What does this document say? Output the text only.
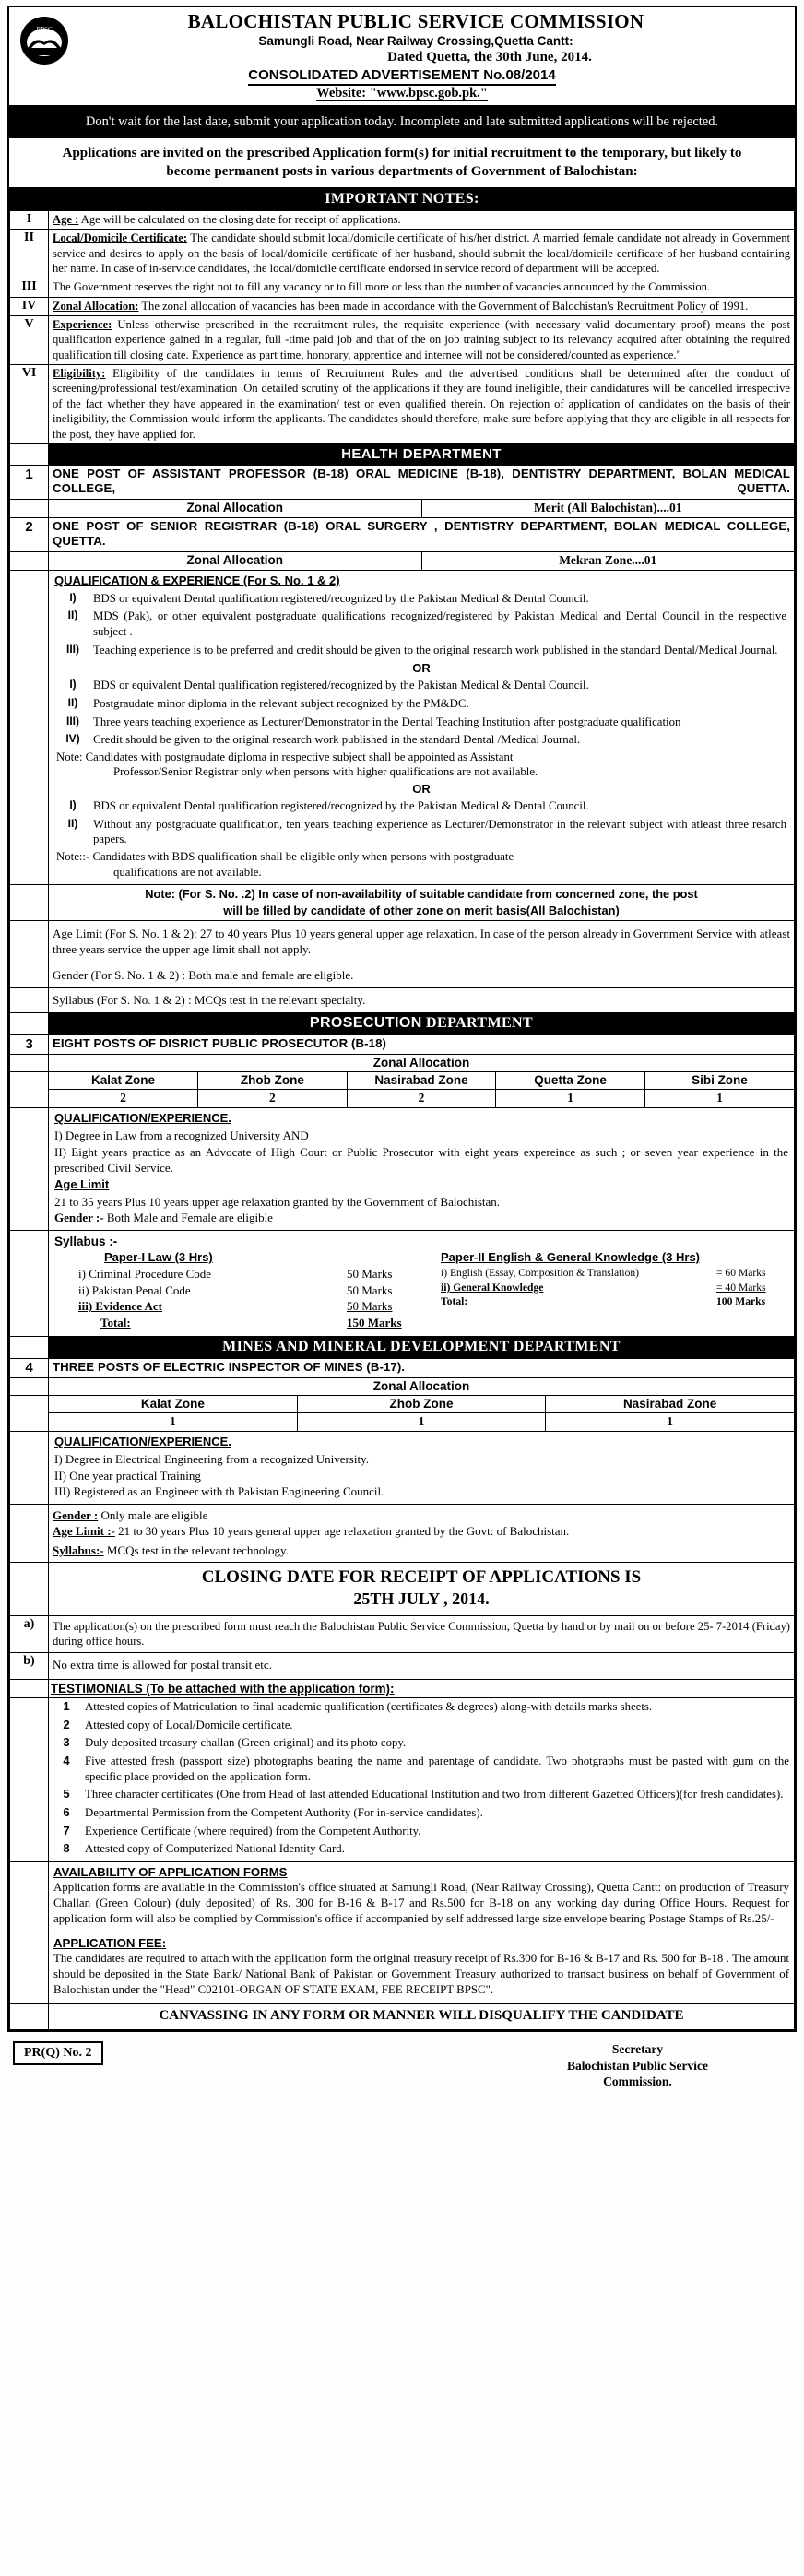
BPSC	BALOCHISTAN PUBLIC SERVICE COMMISSION
Samungli Road, Near Railway Crossing,Quetta Cantt:
Dated Quetta, the 30th June, 2014.
CONSOLIDATED ADVERTISEMENT No.08/2014
Website: "www.bpsc.gob.pk."
Don't wait for the last date, submit your application today. Incomplete and late submitted applications will be rejected.
Applications are invited on the prescribed Application form(s) for initial recruitment to the temporary, but likely to become permanent posts in various departments of Government of Balochistan:
IMPORTANT NOTES:
I	Age : Age will be calculated on the closing date for receipt of applications.
II	Local/Domicile Certificate: The candidate should submit local/domicile certificate of his/her district. A married female candidate not already in Government service and desires to apply on the basis of local/domicile certificate of her husband, should submit the local/domicile certificate of her husband containing her name. In case of in-service candidates, the local/domicile certificate endorsed in service record of department will be accepted.
III	The Government reserves the right not to fill any vacancy or to fill more or less than the number of vacancies announced by the Commission.
IV	Zonal Allocation: The zonal allocation of vacancies has been made in accordance with the Government of Balochistan's Recruitment Policy of 1991.
V	Experience: Unless otherwise prescribed in the recruitment rules, the requisite experience (with necessary valid documentary proof) means the post qualification experience gained in a regular, full -time paid job and that of the on job training subject to its relevancy acquired after obtaining the required qualification till closing date. Experience as part time, honorary, apprentice and internee will not be considered/counted as experience."
VI	Eligibility: Eligibility of the candidates in terms of Recruitment Rules and the advertised conditions shall be determined after the conduct of screening/professional test/examination .On detailed scrutiny of the applications if they are found ineligible, their candidatures will be cancelled irrespective of the fact whether they have appeared in the examination/ test or even qualified therein. On rejection of application of candidates on the basis of their ineligibility, the Commission would inform the applicants. The candidates should therefore, make sure before applying that they are eligible in all respects for the post, they have applied for.

HEALTH DEPARTMENT

1	ONE POST OF ASSISTANT PROFESSOR (B-18) ORAL MEDICINE (B-18), DENTISTRY DEPARTMENT, BOLAN MEDICAL COLLEGE, QUETTA.

Zonal Allocation	Merit (All Balochistan)....01

2	ONE POST OF SENIOR REGISTRAR (B-18) ORAL SURGERY , DENTISTRY DEPARTMENT, BOLAN MEDICAL COLLEGE, QUETTA.

Zonal Allocation	Mekran Zone....01

QUALIFICATION & EXPERIENCE (For S. No. 1 & 2)
I)	BDS or equivalent Dental qualification registered/recognized by the Pakistan Medical & Dental Council.
II)	MDS (Pak), or other equivalent postgraduate qualifications recognized/registered by Pakistan Medical and Dental Council in the respective subject .
III)	Teaching experience is to be preferred and credit should be given to the original research work published in the standard Dental/Medical Journal.
OR
I)	BDS or equivalent Dental qualification registered/recognized by the Pakistan Medical & Dental Council.
II)	Postgraudate minor diploma in the relevant subject recognized by the PM&DC.
III)	Three years teaching experience as Lecturer/Demonstrator in the Dental Teaching Institution after postgraduate qualification
IV)	Credit should be given to the original research work published in the standard Dental /Medical Journal.
Note: Candidates with postgraudate diploma in respective subject shall be appointed as Assistant
Professor/Senior Registrar only when persons with higher qualifications are not available.
OR
I)	BDS or equivalent Dental qualification registered/recognized by the Pakistan Medical & Dental Council.
II)	Without any postgraduate qualification, ten years teaching experience as Lecturer/Demonstrator in the relevant subject with atleast three resarch papers.
Note::- Candidates with BDS qualification shall be eligible only when persons with postgraduate
qualifications are not available.

Note: (For S. No. .2) In case of non-availability of suitable candidate from concerned zone, the post
will be filled by candidate of other zone on merit basis(All Balochistan)

	Age Limit (For S. No. 1 & 2): 27 to 40 years Plus 10 years general upper age relaxation. In case of the person already in Government Service with atleast three years service the upper age limit shall not apply.
	Gender (For S. No. 1 & 2) : Both male and female are eligible.
	Syllabus (For S. No. 1 & 2) : MCQs test in the relevant specialty.

PROSECUTION DEPARTMENT

3	EIGHT POSTS OF DISRICT PUBLIC PROSECUTOR (B-18)
	Zonal Allocation

Kalat Zone	Zhob Zone	Nasirabad Zone	Quetta Zone	Sibi Zone
2	2	2	1	1

QUALIFICATION/EXPERIENCE.
I) Degree in Law from a recognized University AND
II) Eight years practice as an Advocate of High Court or Public Prosecutor with eight years expereince as such ; or seven year experience in the prescribed Civil Service.
Age Limit
21 to 35 years Plus 10 years upper age relaxation granted by the Government of Balochistan.
Gender :- Both Male and Female are eligible

Syllabus :-
Paper-I Law (3 Hrs)
i) Criminal Procedure Code	50 Marks
ii) Pakistan Penal Code	50 Marks
iii) Evidence Act	50 Marks
Total:	150 Marks
Paper-II English & General Knowledge (3 Hrs)
i) English (Essay, Composition & Translation)	= 60 Marks
ii) General Knowledge	= 40 Marks
Total:	100 Marks

MINES AND MINERAL DEVELOPMENT DEPARTMENT

4	THREE POSTS OF ELECTRIC INSPECTOR OF MINES (B-17).
	Zonal Allocation

Kalat Zone	Zhob Zone	Nasirabad Zone
1	1	1

QUALIFICATION/EXPERIENCE.
I) Degree in Electrical Engineering from a recognized University.
II) One year practical Training
III) Registered as an Engineer with th Pakistan Engineering Council.

Gender : Only male are eligible
Age Limit :- 21 to 30 years Plus 10 years general upper age relaxation granted by the Govt: of Balochistan.
Syllabus:- MCQs test in the relevant technology.

CLOSING DATE FOR RECEIPT OF APPLICATIONS IS
25TH JULY , 2014.

a)	The application(s) on the prescribed form must reach the Balochistan Public Service Commission, Quetta by hand or by mail on or before 25- 7-2014 (Friday) during office hours.
b)	No extra time is allowed for postal transit etc.

TESTIMONIALS (To be attached with the application form):

1	Attested copies of Matriculation to final academic qualification (certificates & degrees) along-with details marks sheets.
2	Attested copy of Local/Domicile certificate.
3	Duly deposited treasury challan (Green original) and its photo copy.
4	Five attested fresh (passport size) photographs bearing the name and parentage of candidate. Two photgraphs must be pasted with gum on the specific place provided on the application form.
5	Three character certificates (One from Head of last attended Educational Institution and two from different Gazetted Officers)(for fresh candidates).
6	Departmental Permission from the Competent Authority (For in-service candidates).
7	Experience Certificate (where required) from the Competent Authority.
8	Attested copy of Computerized National Identity Card.

AVAILABILITY OF APPLICATION FORMS
Application forms are available in the Commission's office situated at Samungli Road, (Near Railway Crossing), Quetta Cantt: on production of Treasury Challan (Green Colour) (duly deposited) of Rs. 300 for B-16 & B-17 and Rs.500 for B-18 on any working day during Office Hours. Request for application form will also be complied by Commission's office if accompanied by self addressed large size envelope bearing Postage Stamps of Rs.25/-

APPLICATION FEE:
The candidates are required to attach with the application form the original treasury receipt of Rs.300 for B-16 & B-17 and Rs. 500 for B-18 . The amount should be deposited in the State Bank/ National Bank of Pakistan or Government Treasury authorized to transact business on behalf of Government of Balochistan under the "Head" C02101-ORGAN OF STATE EXAM, FEE RECEIPT BPSC".

CANVASSING IN ANY FORM OR MANNER WILL DISQUALIFY THE CANDIDATE
PR(Q) No. 2	Secretary
Balochistan Public Service
Commission.
